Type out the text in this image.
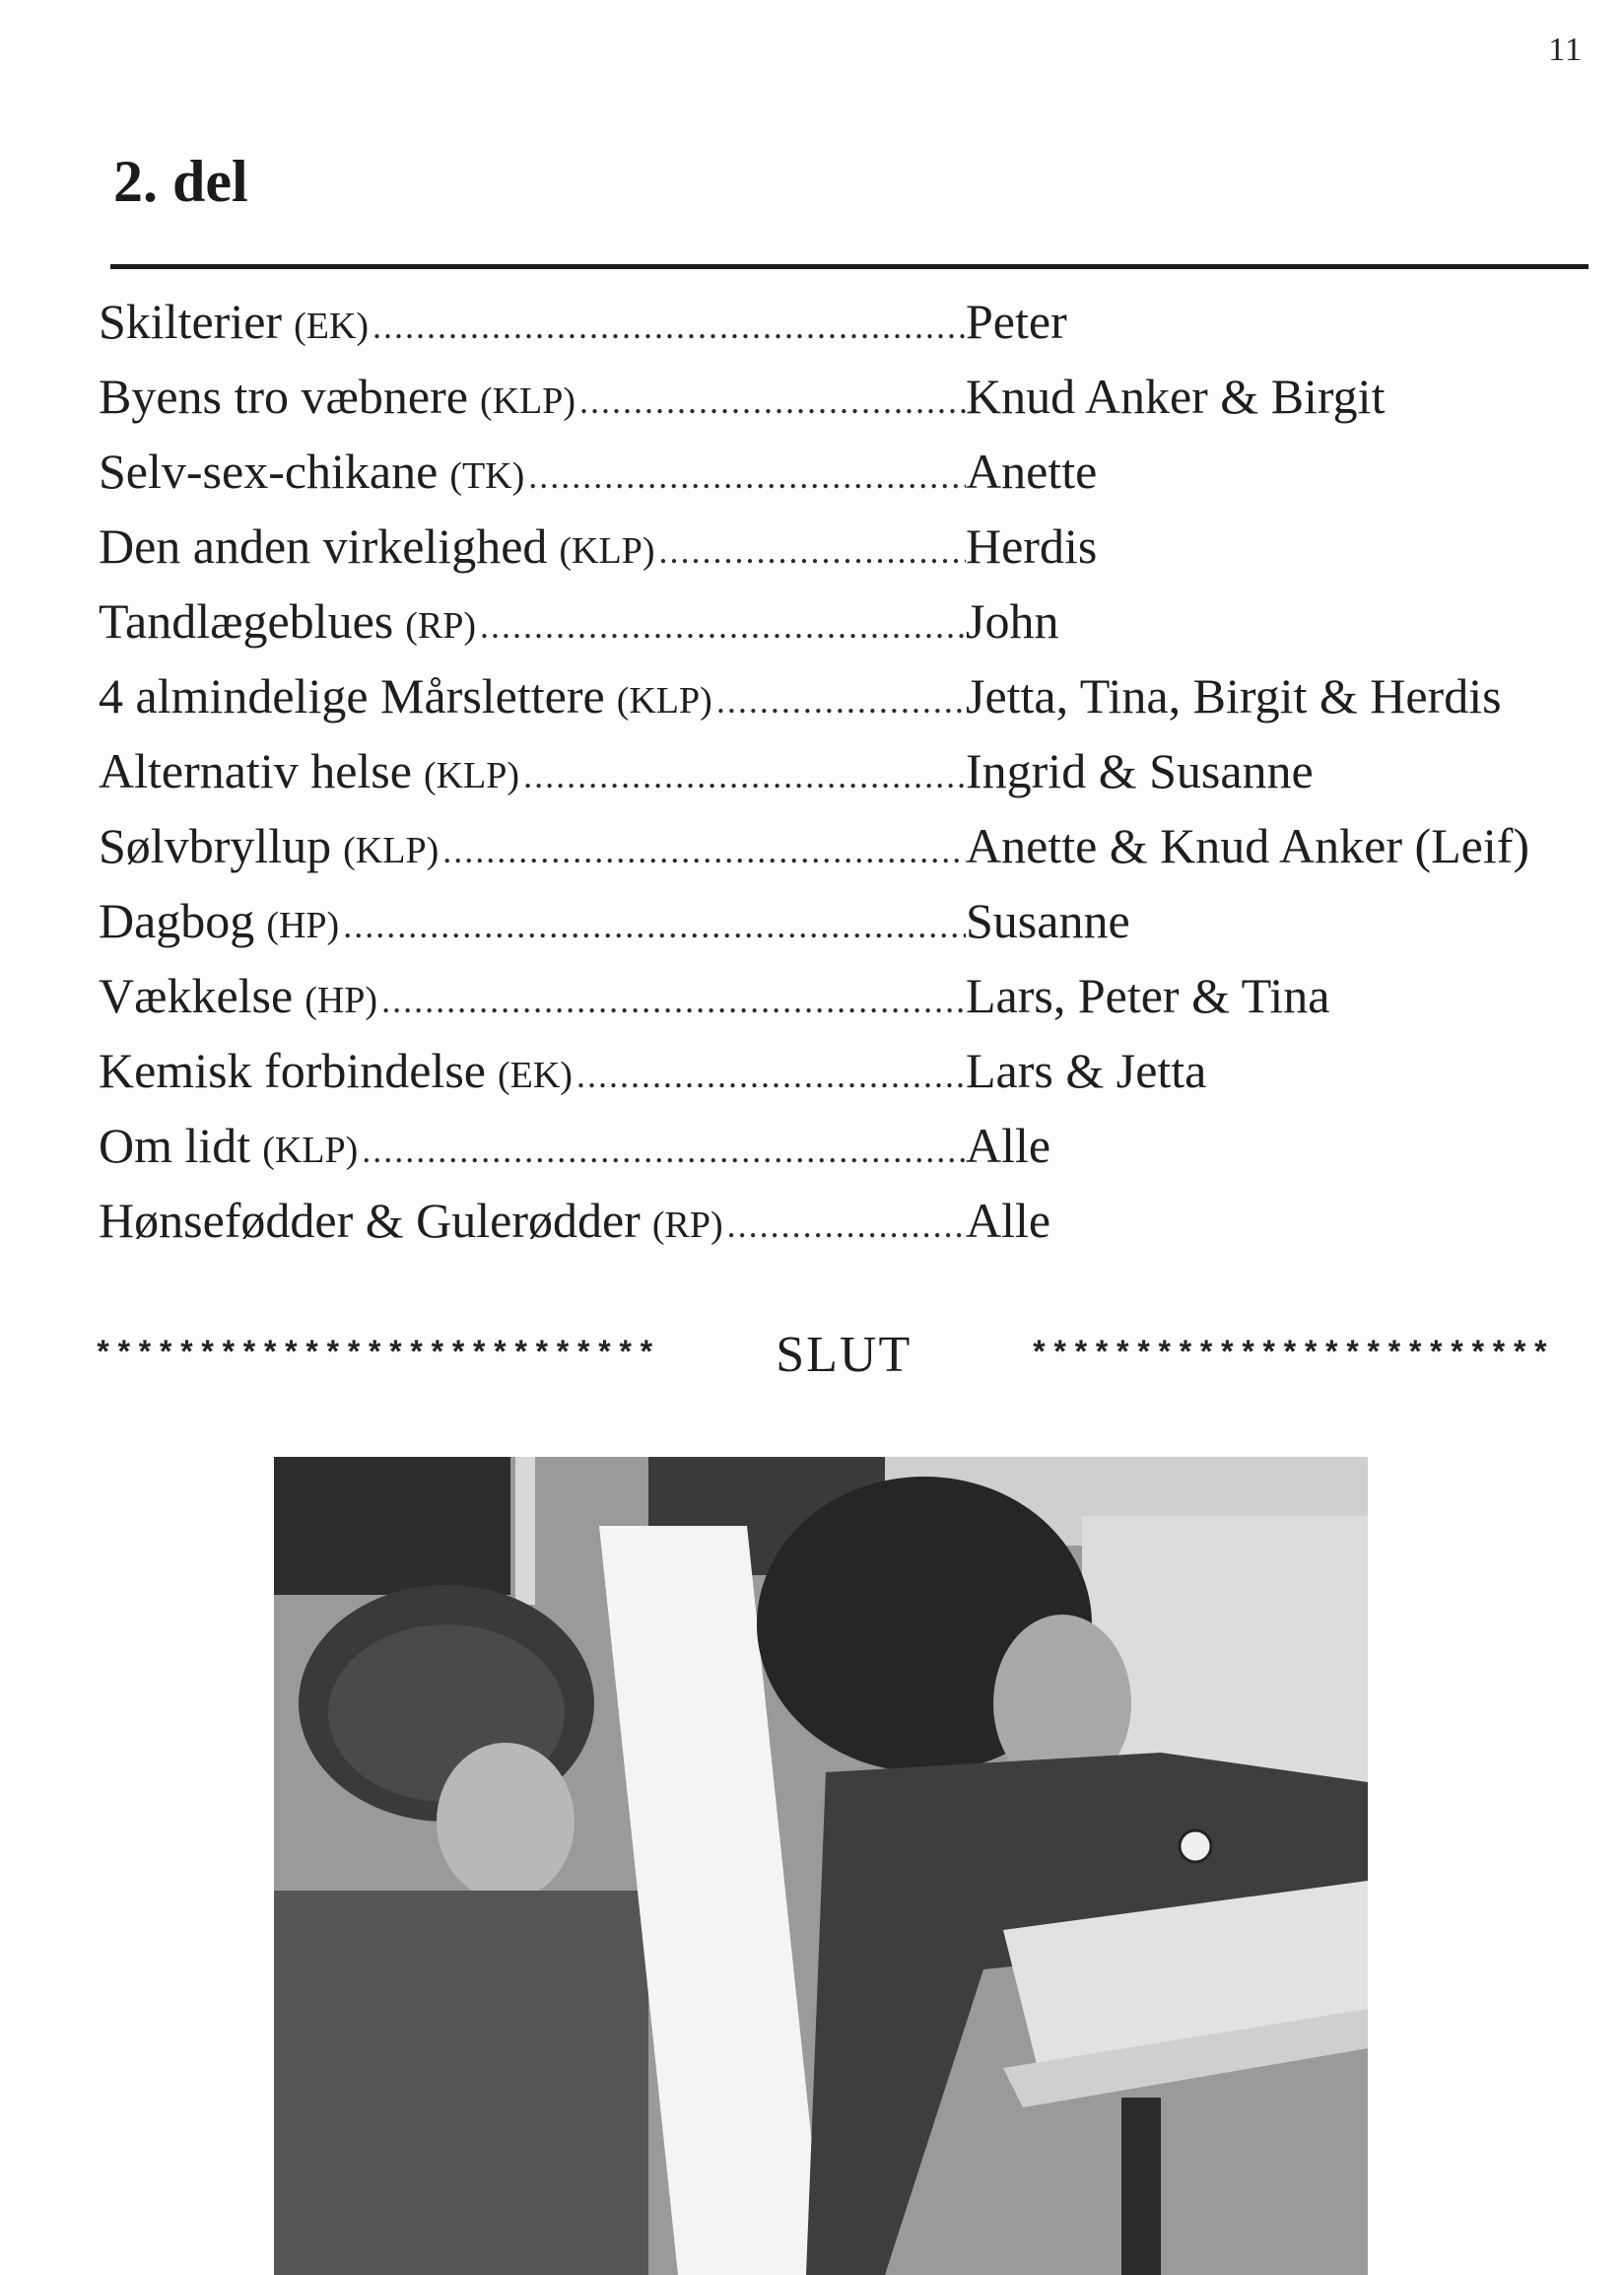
11
2. del
Skilterier (EK) .....	Peter
Byens tro væbnere (KLP) .....	Knud Anker & Birgit
Selv-sex-chikane (TK) .....	Anette
Den anden virkelighed (KLP) .....	Herdis
Tandlægeblues (RP) .....	John
4 almindelige Mårslettere (KLP) .....	Jetta, Tina, Birgit & Herdis
Alternativ helse (KLP) .....	Ingrid & Susanne
Sølvbryllup (KLP) .....	Anette & Knud Anker (Leif)
Dagbog (HP) .....	Susanne
Vækkelse (HP) .....	Lars, Peter & Tina
Kemisk forbindelse (EK) .....	Lars & Jetta
Om lidt (KLP) .....	Alle
Hønsefødder & Gulerødder (RP) .....	Alle
*************************** SLUT	*************************
